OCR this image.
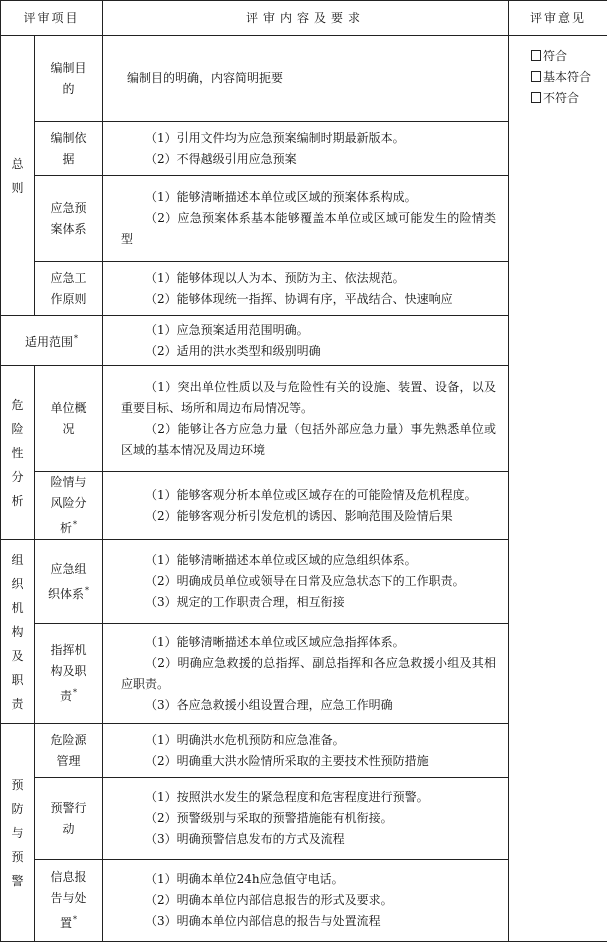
评审项目		评审内容及要求	评审意见
总则	编制目的	编制目的明确，内容简明扼要	符合
基本符合
不符合

	编制依据	（1）引用文件均为应急预案编制时期最新版本。
（2）不得越级引用应急预案	

	应急预案体系	（1）能够清晰描述本单位或区域的预案体系构成。
（2）应急预案体系基本能够覆盖本单位或区域可能发生的险情类型	

	应急工作原则	（1）能够体现以人为本、预防为主、依法规范。
（2）能够体现统一指挥、协调有序，平战结合、快速响应	

适用范围*		（1）应急预案适用范围明确。
（2）适用的洪水类型和级别明确	

危险性分析	单位概况	（1）突出单位性质以及与危险性有关的设施、装置、设备，以及重要目标、场所和周边布局情况等。
（2）能够让各方应急力量（包括外部应急力量）事先熟悉单位或区域的基本情况及周边环境	

	险情与风险分析*	（1）能够客观分析本单位或区域存在的可能险情及危机程度。
（2）能够客观分析引发危机的诱因、影响范围及险情后果	

组织机构及职责	应急组织体系*	（1）能够清晰描述本单位或区域的应急组织体系。
（2）明确成员单位或领导在日常及应急状态下的工作职责。
（3）规定的工作职责合理，相互衔接	

	指挥机构及职责*	（1）能够清晰描述本单位或区域应急指挥体系。
（2）明确应急救援的总指挥、副总指挥和各应急救援小组及其相应职责。
（3）各应急救援小组设置合理，应急工作明确	

预防与预警	危险源管理	（1）明确洪水危机预防和应急准备。
（2）明确重大洪水险情所采取的主要技术性预防措施	

	预警行动	（1）按照洪水发生的紧急程度和危害程度进行预警。
（2）预警级别与采取的预警措施能有机衔接。
（3）明确预警信息发布的方式及流程	

	信息报告与处置*	（1）明确本单位24h应急值守电话。
（2）明确本单位内部信息报告的形式及要求。
（3）明确本单位内部信息的报告与处置流程	
